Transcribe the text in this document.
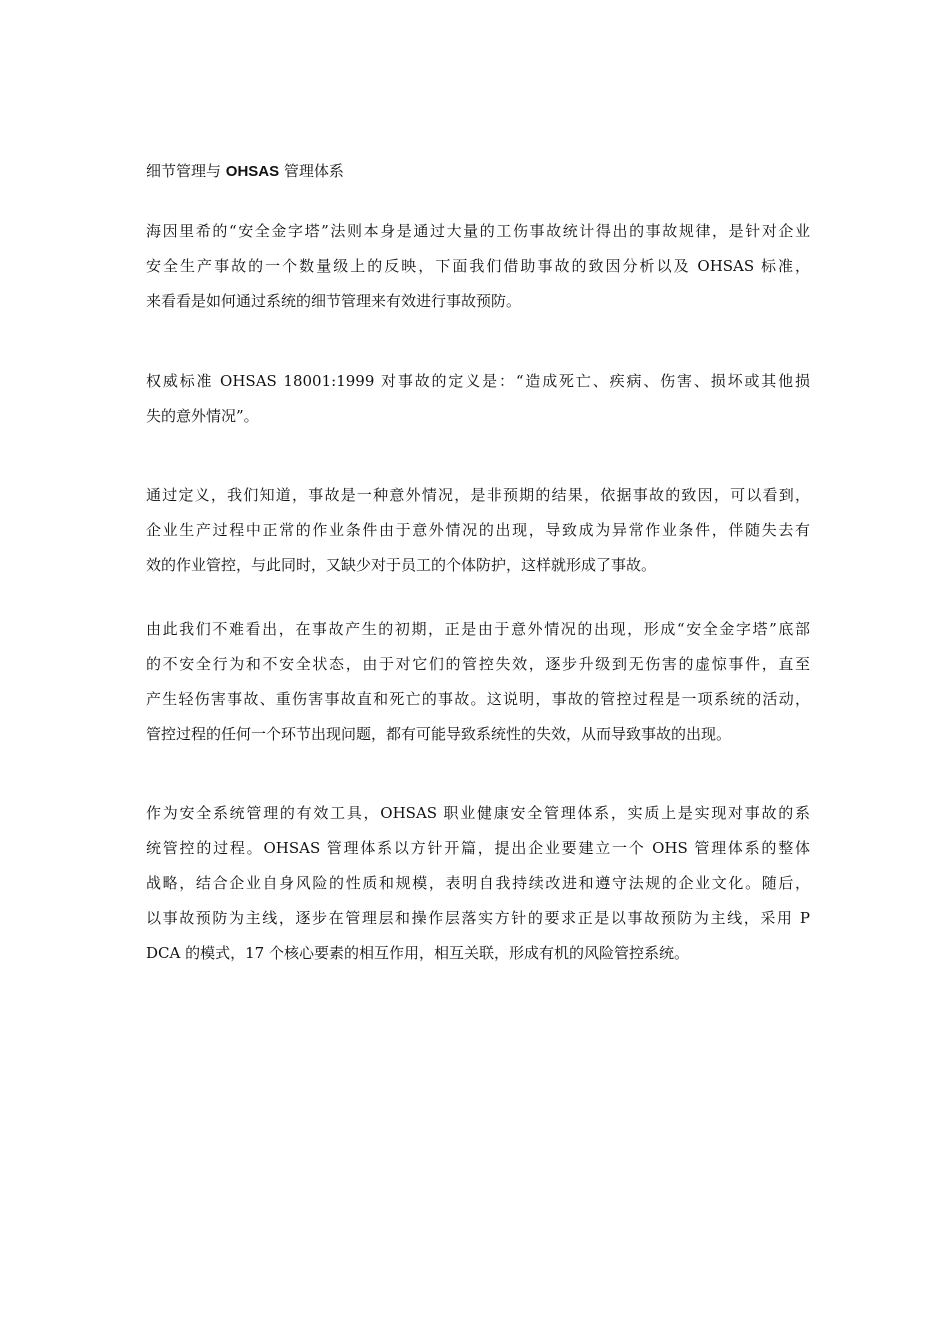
细节管理与 OHSAS 管理体系

海因里希的“安全金字塔”法则本身是通过大量的工伤事故统计得出的事故规律，是针对企业
安全生产事故的一个数量级上的反映，下面我们借助事故的致因分析以及 OHSAS 标准，
来看看是如何通过系统的细节管理来有效进行事故预防。

权威标准 OHSAS 18001:1999 对事故的定义是：“造成死亡、疾病、伤害、损坏或其他损
失的意外情况”。

通过定义，我们知道，事故是一种意外情况，是非预期的结果，依据事故的致因，可以看到，
企业生产过程中正常的作业条件由于意外情况的出现，导致成为异常作业条件，伴随失去有
效的作业管控，与此同时，又缺少对于员工的个体防护，这样就形成了事故。

由此我们不难看出，在事故产生的初期，正是由于意外情况的出现，形成“安全金字塔”底部
的不安全行为和不安全状态，由于对它们的管控失效，逐步升级到无伤害的虚惊事件，直至
产生轻伤害事故、重伤害事故直和死亡的事故。这说明，事故的管控过程是一项系统的活动，
管控过程的任何一个环节出现问题，都有可能导致系统性的失效，从而导致事故的出现。

作为安全系统管理的有效工具，OHSAS 职业健康安全管理体系，实质上是实现对事故的系
统管控的过程。OHSAS 管理体系以方针开篇，提出企业要建立一个 OHS 管理体系的整体
战略，结合企业自身风险的性质和规模，表明自我持续改进和遵守法规的企业文化。随后，
以事故预防为主线，逐步在管理层和操作层落实方针的要求正是以事故预防为主线，采用 P
DCA 的模式，17 个核心要素的相互作用，相互关联，形成有机的风险管控系统。
